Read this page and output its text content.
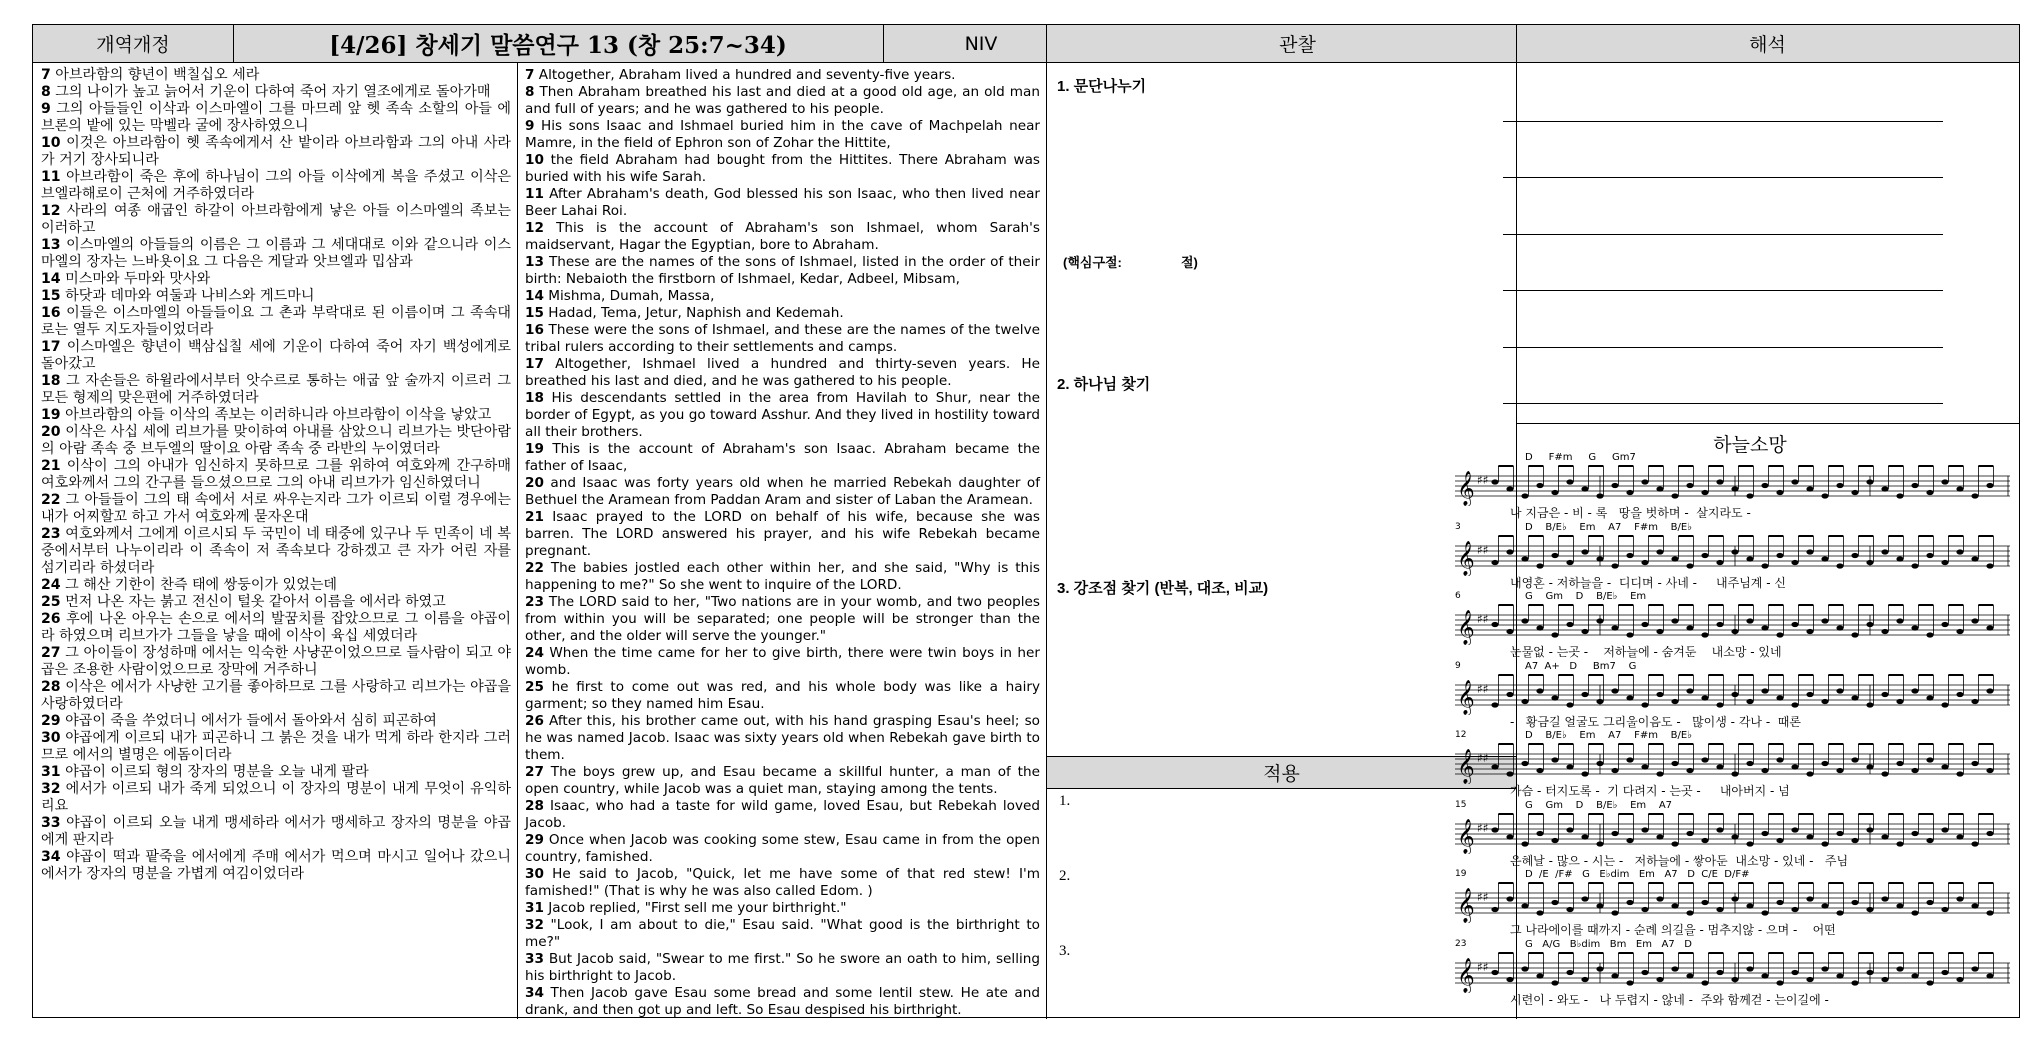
개역개정	[4/26] 창세기 말씀연구 13 (창 25:7~34)	NIV	관찰	해석

7 아브라함의 향년이 백칠십오 세라

8 그의 나이가 높고 늙어서 기운이 다하여 죽어 자기 열조에게로 돌아가매

9 그의 아들들인 이삭과 이스마엘이 그를 마므레 앞 헷 족속 소할의 아들 에브론의 밭에 있는 막벨라 굴에 장사하였으니

10 이것은 아브라함이 헷 족속에게서 산 밭이라 아브라함과 그의 아내 사라가 거기 장사되니라

11 아브라함이 죽은 후에 하나님이 그의 아들 이삭에게 복을 주셨고 이삭은 브엘라해로이 근처에 거주하였더라

12 사라의 여종 애굽인 하갈이 아브라함에게 낳은 아들 이스마엘의 족보는 이러하고

13 이스마엘의 아들들의 이름은 그 이름과 그 세대대로 이와 같으니라 이스마엘의 장자는 느바욧이요 그 다음은 게달과 앗브엘과 밉삼과

14 미스마와 두마와 맛사와

15 하닷과 데마와 여둘과 나비스와 게드마니

16 이들은 이스마엘의 아들들이요 그 촌과 부락대로 된 이름이며 그 족속대로는 열두 지도자들이었더라

17 이스마엘은 향년이 백삼십칠 세에 기운이 다하여 죽어 자기 백성에게로 돌아갔고

18 그 자손들은 하윌라에서부터 앗수르로 통하는 애굽 앞 술까지 이르러 그 모든 형제의 맞은편에 거주하였더라

19 아브라함의 아들 이삭의 족보는 이러하니라 아브라함이 이삭을 낳았고

20 이삭은 사십 세에 리브가를 맞이하여 아내를 삼았으니 리브가는 밧단아람의 아람 족속 중 브두엘의 딸이요 아람 족속 중 라반의 누이였더라

21 이삭이 그의 아내가 임신하지 못하므로 그를 위하여 여호와께 간구하매 여호와께서 그의 간구를 들으셨으므로 그의 아내 리브가가 임신하였더니

22 그 아들들이 그의 태 속에서 서로 싸우는지라 그가 이르되 이럴 경우에는 내가 어찌할꼬 하고 가서 여호와께 묻자온대

23 여호와께서 그에게 이르시되 두 국민이 네 태중에 있구나 두 민족이 네 복중에서부터 나누이리라 이 족속이 저 족속보다 강하겠고 큰 자가 어린 자를 섬기리라 하셨더라

24 그 해산 기한이 찬즉 태에 쌍둥이가 있었는데

25 먼저 나온 자는 붉고 전신이 털옷 같아서 이름을 에서라 하였고

26 후에 나온 아우는 손으로 에서의 발꿈치를 잡았으므로 그 이름을 야곱이라 하였으며 리브가가 그들을 낳을 때에 이삭이 육십 세였더라

27 그 아이들이 장성하매 에서는 익숙한 사냥꾼이었으므로 들사람이 되고 야곱은 조용한 사람이었으므로 장막에 거주하니

28 이삭은 에서가 사냥한 고기를 좋아하므로 그를 사랑하고 리브가는 야곱을 사랑하였더라

29 야곱이 죽을 쑤었더니 에서가 들에서 돌아와서 심히 피곤하여

30 야곱에게 이르되 내가 피곤하니 그 붉은 것을 내가 먹게 하라 한지라 그러므로 에서의 별명은 에돔이더라

31 야곱이 이르되 형의 장자의 명분을 오늘 내게 팔라

32 에서가 이르되 내가 죽게 되었으니 이 장자의 명분이 내게 무엇이 유익하리요

33 야곱이 이르되 오늘 내게 맹세하라 에서가 맹세하고 장자의 명분을 야곱에게 판지라

34 야곱이 떡과 팥죽을 에서에게 주매 에서가 먹으며 마시고 일어나 갔으니 에서가 장자의 명분을 가볍게 여김이었더라

7 Altogether, Abraham lived a hundred and seventy-five years.

8 Then Abraham breathed his last and died at a good old age, an old man and full of years; and he was gathered to his people.

9 His sons Isaac and Ishmael buried him in the cave of Machpelah near Mamre, in the field of Ephron son of Zohar the Hittite,

10 the field Abraham had bought from the Hittites. There Abraham was buried with his wife Sarah.

11 After Abraham's death, God blessed his son Isaac, who then lived near Beer Lahai Roi.

12 This is the account of Abraham's son Ishmael, whom Sarah's maidservant, Hagar the Egyptian, bore to Abraham.

13 These are the names of the sons of Ishmael, listed in the order of their birth: Nebaioth the firstborn of Ishmael, Kedar, Adbeel, Mibsam,

14 Mishma, Dumah, Massa,

15 Hadad, Tema, Jetur, Naphish and Kedemah.

16 These were the sons of Ishmael, and these are the names of the twelve tribal rulers according to their settlements and camps.

17 Altogether, Ishmael lived a hundred and thirty-seven years. He breathed his last and died, and he was gathered to his people.

18 His descendants settled in the area from Havilah to Shur, near the border of Egypt, as you go toward Asshur. And they lived in hostility toward all their brothers.

19 This is the account of Abraham's son Isaac. Abraham became the father of Isaac,

20 and Isaac was forty years old when he married Rebekah daughter of Bethuel the Aramean from Paddan Aram and sister of Laban the Aramean.

21 Isaac prayed to the LORD on behalf of his wife, because she was barren. The LORD answered his prayer, and his wife Rebekah became pregnant.

22 The babies jostled each other within her, and she said, "Why is this happening to me?" So she went to inquire of the LORD.

23 The LORD said to her, "Two nations are in your womb, and two peoples from within you will be separated; one people will be stronger than the other, and the older will serve the younger."

24 When the time came for her to give birth, there were twin boys in her womb.

25 he first to come out was red, and his whole body was like a hairy garment; so they named him Esau.

26 After this, his brother came out, with his hand grasping Esau's heel; so he was named Jacob. Isaac was sixty years old when Rebekah gave birth to them.

27 The boys grew up, and Esau became a skillful hunter, a man of the open country, while Jacob was a quiet man, staying among the tents.

28 Isaac, who had a taste for wild game, loved Esau, but Rebekah loved Jacob.

29 Once when Jacob was cooking some stew, Esau came in from the open country, famished.

30 He said to Jacob, "Quick, let me have some of that red stew! I'm famished!" (That is why he was also called Edom. )

31 Jacob replied, "First sell me your birthright."

32 "Look, I am about to die," Esau said. "What good is the birthright to me?"

33 But Jacob said, "Swear to me first." So he swore an oath to him, selling his birthright to Jacob.

34 Then Jacob gave Esau some bread and some lentil stew. He ate and drank, and then got up and left. So Esau despised his birthright.

1. 문단나누기
(핵심구절:	절)
2. 하나님 찾기
3. 강조점 찾기 (반복, 대조, 비교)
적용
1.
2.
3.
하늘소망
𝄞 ♯♯
D     F#m     G     Gm7
나 지금은 - 비 - 록   땅을 벗하며 -  살지라도 -
𝄞 ♯♯
3	D    B/E♭    Em    A7    F#m    B/E♭
내영혼 - 저하늘을 -  디디며 - 사네 -     내주님계 - 신
𝄞 ♯♯
6	G    Gm    D    B/E♭    Em
눈물없 - 는곳 -    저하늘에 - 숨겨둔    내소망 - 있네
𝄞 ♯♯
9	A7  A+   D     Bm7    G
-   황금길 얼굴도 그리울이음도 -   많이생 - 각나 -  때론
𝄞 ♯♯
12	D    B/E♭    Em    A7    F#m    B/E♭
가슴 - 터지도록 -  기 다려지 - 는곳 -     내아버지 - 넘
𝄞 ♯♯
15	G    Gm    D    B/E♭    Em    A7
은혜날 - 많으 - 시는 -   저하늘에 - 쌓아둔  내소망 - 있네 -   주님
𝄞 ♯♯
19	D  /E  /F#   G   E♭dim   Em   A7   D  C/E  D/F#
그 나라에이를 때까지 - 순례 의길을 - 멈추지않 - 으며 -    어떤
𝄞 ♯♯
23	G   A/G   B♭dim   Bm   Em   A7   D
시련이 - 와도 -   나 두렵지 - 않네 -  주와 함께걷 - 는이길에 -
